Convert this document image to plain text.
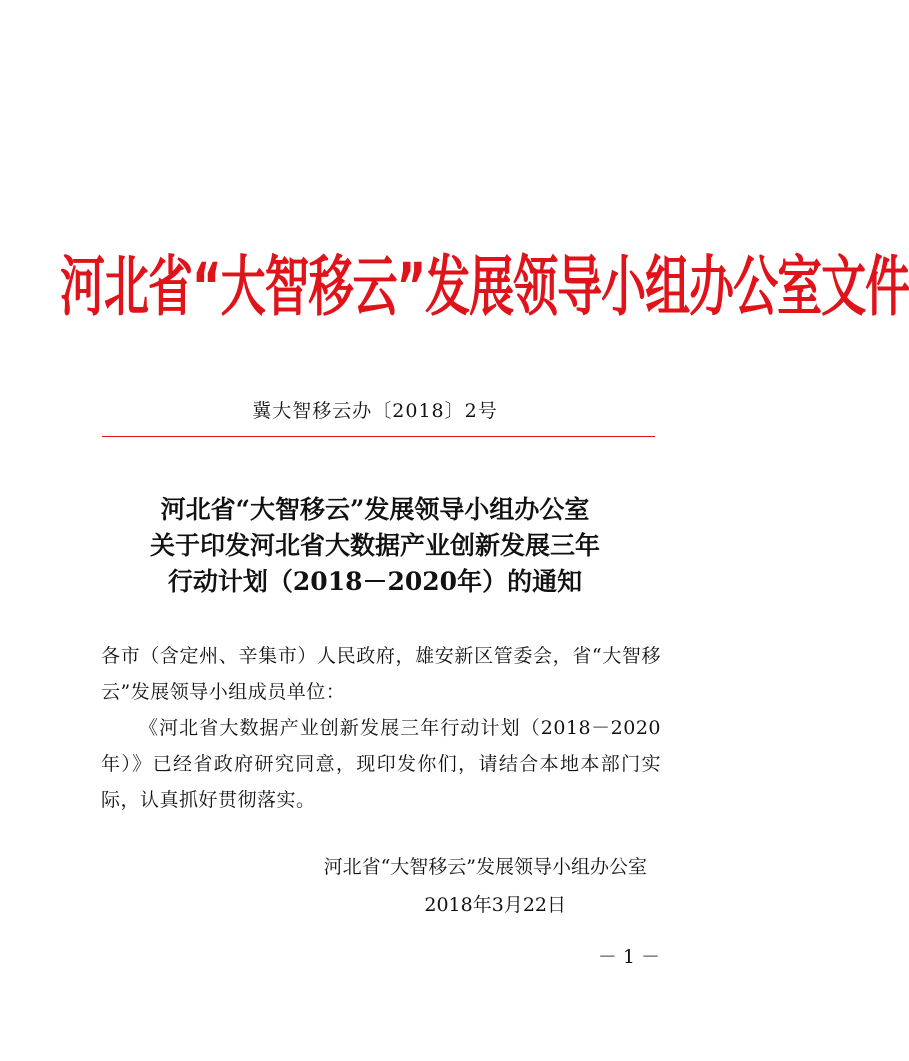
河北省“大智移云”发展领导小组办公室文件
冀大智移云办〔2018〕2号
河北省“大智移云”发展领导小组办公室
关于印发河北省大数据产业创新发展三年
行动计划（2018－2020年）的通知

各市（含定州、辛集市）人民政府，雄安新区管委会，省“大智移云”发展领导小组成员单位：

《河北省大数据产业创新发展三年行动计划（2018－2020年）》已经省政府研究同意，现印发你们，请结合本地本部门实际，认真抓好贯彻落实。

河北省“大智移云”发展领导小组办公室
2018年3月22日
－ 1 －
